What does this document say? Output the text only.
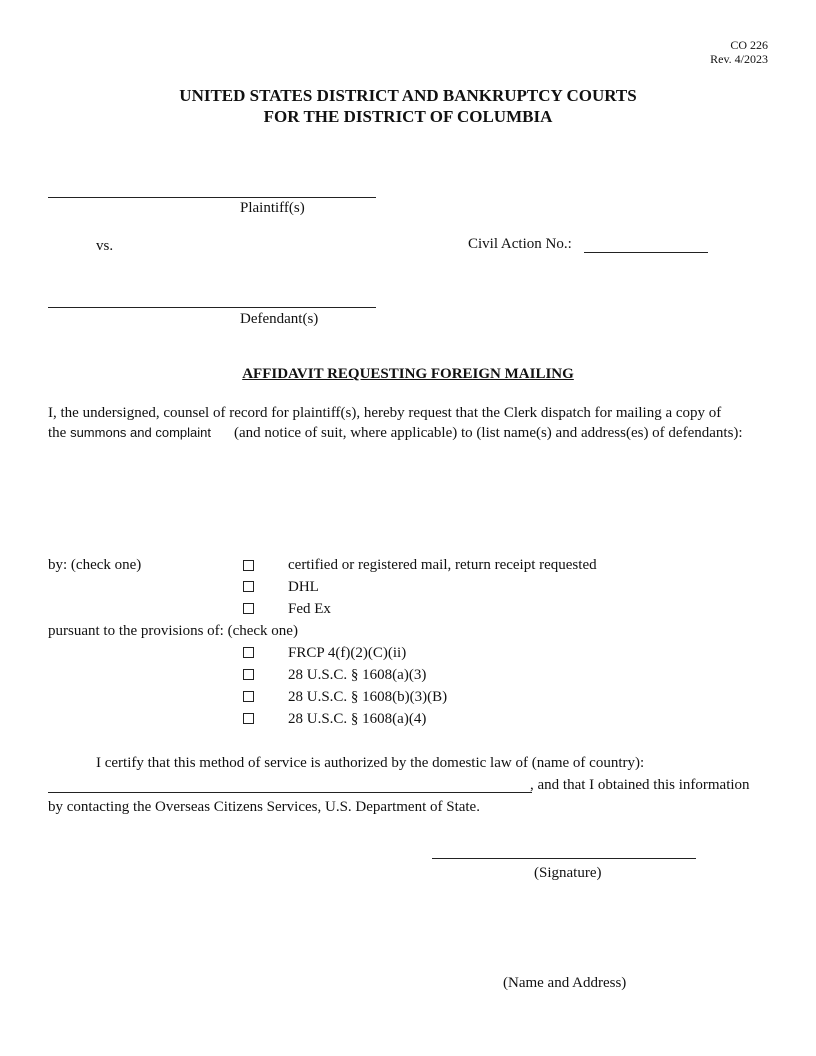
CO 226
Rev. 4/2023
UNITED STATES DISTRICT AND BANKRUPTCY COURTS
FOR THE DISTRICT OF COLUMBIA
Plaintiff(s)
vs.	Civil Action No.:
Defendant(s)
AFFIDAVIT REQUESTING FOREIGN MAILING
I, the undersigned, counsel of record for plaintiff(s), hereby request that the Clerk dispatch for mailing a copy of
the summons and complaint (and notice of suit, where applicable) to (list name(s) and address(es) of defendants):
by: (check one)	certified or registered mail, return receipt requested
DHL
Fed Ex
pursuant to the provisions of: (check one)
FRCP 4(f)(2)(C)(ii)
28 U.S.C. § 1608(a)(3)
28 U.S.C. § 1608(b)(3)(B)
28 U.S.C. § 1608(a)(4)
I certify that this method of service is authorized by the domestic law of (name of country):
, and that I obtained this information
by contacting the Overseas Citizens Services, U.S. Department of State.
(Signature)
(Name and Address)
